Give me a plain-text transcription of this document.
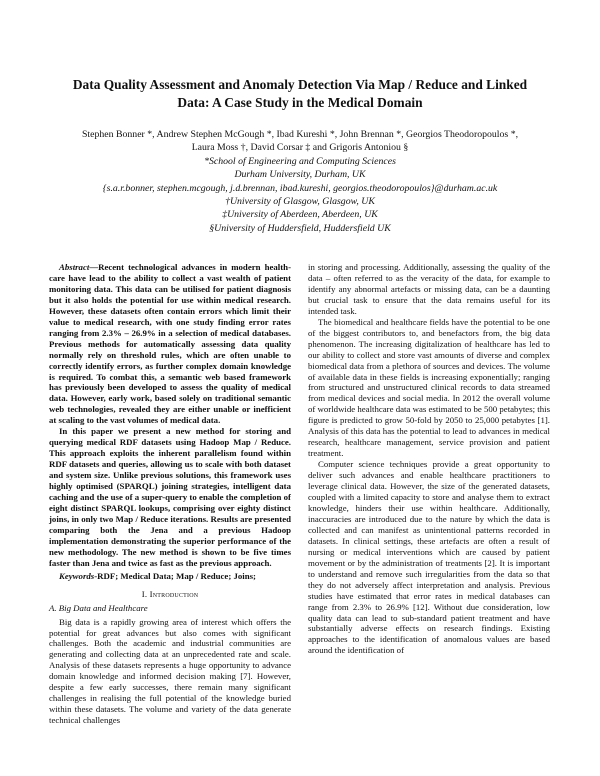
Data Quality Assessment and Anomaly Detection Via Map / Reduce and Linked
Data: A Case Study in the Medical Domain
Stephen Bonner *, Andrew Stephen McGough *, Ibad Kureshi *, John Brennan *, Georgios Theodoropoulos *,
Laura Moss †, David Corsar ‡ and Grigoris Antoniou §
*School of Engineering and Computing Sciences
Durham University, Durham, UK
{s.a.r.bonner, stephen.mcgough, j.d.brennan, ibad.kureshi, georgios.theodoropoulos}@durham.ac.uk
†University of Glasgow, Glasgow, UK
‡University of Aberdeen, Aberdeen, UK
§University of Huddersfield, Huddersfield UK

Abstract—Recent technological advances in modern health-care have lead to the ability to collect a vast wealth of patient monitoring data. This data can be utilised for patient diagnosis but it also holds the potential for use within medical research. However, these datasets often contain errors which limit their value to medical research, with one study finding error rates ranging from 2.3% – 26.9% in a selection of medical databases. Previous methods for automatically assessing data quality normally rely on threshold rules, which are often unable to correctly identify errors, as further complex domain knowledge is required. To combat this, a semantic web based framework has previously been developed to assess the quality of medical data. However, early work, based solely on traditional semantic web technologies, revealed they are either unable or inefficient at scaling to the vast volumes of medical data.

In this paper we present a new method for storing and querying medical RDF datasets using Hadoop Map / Reduce. This approach exploits the inherent parallelism found within RDF datasets and queries, allowing us to scale with both dataset and system size. Unlike previous solutions, this framework uses highly optimised (SPARQL) joining strategies, intelligent data caching and the use of a super-query to enable the completion of eight distinct SPARQL lookups, comprising over eighty distinct joins, in only two Map / Reduce iterations. Results are presented comparing both the Jena and a previous Hadoop implementation demonstrating the superior performance of the new methodology. The new method is shown to be five times faster than Jena and twice as fast as the previous approach.

Keywords-RDF; Medical Data; Map / Reduce; Joins;

I. Introduction
A. Big Data and Healthcare

Big data is a rapidly growing area of interest which offers the potential for great advances but also comes with significant challenges. Both the academic and industrial communities are generating and collecting data at an unprecedented rate and scale. Analysis of these datasets represents a huge opportunity to advance domain knowledge and informed decision making [7]. However, despite a few early successes, there remain many significant challenges in realising the full potential of the knowledge buried within these datasets. The volume and variety of the data generate technical challenges

in storing and processing. Additionally, assessing the quality of the data – often referred to as the veracity of the data, for example to identify any abnormal artefacts or missing data, can be a daunting but crucial task to ensure that the data remains useful for its intended task.

The biomedical and healthcare fields have the potential to be one of the biggest contributors to, and benefactors from, the big data phenomenon. The increasing digitalization of healthcare has led to our ability to collect and store vast amounts of diverse and complex biomedical data from a plethora of sources and devices. The volume of available data in these fields is increasing exponentially; ranging from structured and unstructured clinical records to data streamed from medical devices and social media. In 2012 the overall volume of worldwide healthcare data was estimated to be 500 petabytes; this figure is predicted to grow 50-fold by 2050 to 25,000 petabytes [1]. Analysis of this data has the potential to lead to advances in medical research, healthcare management, service provision and patient treatment.

Computer science techniques provide a great opportunity to deliver such advances and enable healthcare practitioners to leverage clinical data. However, the size of the generated datasets, coupled with a limited capacity to store and analyse them to extract knowledge, hinders their use within healthcare. Additionally, inaccuracies are introduced due to the nature by which the data is collected and can manifest as unintentional patterns recorded in datasets. In clinical settings, these artefacts are often a result of nursing or medical interventions which are caused by patient movement or by the administration of treatments [2]. It is important to understand and remove such irregularities from the data so that they do not adversely affect interpretation and analysis. Previous studies have estimated that error rates in medical databases can range from 2.3% to 26.9% [12]. Without due consideration, low quality data can lead to sub-standard patient treatment and have substantially adverse effects on research findings. Existing approaches to the identification of anomalous values are based around the identification of
